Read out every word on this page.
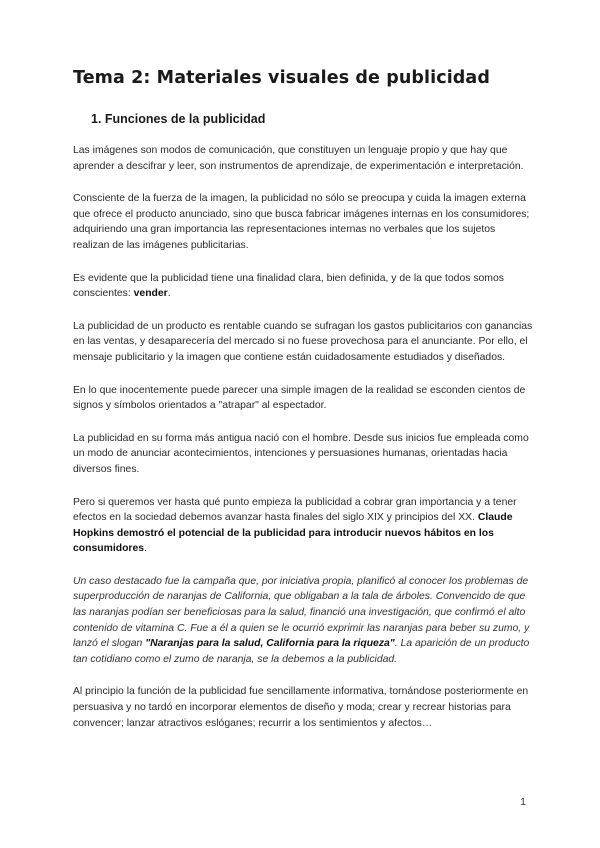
Tema 2: Materiales visuales de publicidad
1. Funciones de la publicidad

Las imágenes son modos de comunicación, que constituyen un lenguaje propio y que hay que aprender a descifrar y leer, son instrumentos de aprendizaje, de experimentación e interpretación.

Consciente de la fuerza de la imagen, la publicidad no sólo se preocupa y cuida la imagen externa que ofrece el producto anunciado, sino que busca fabricar imágenes internas en los consumidores; adquiriendo una gran importancia las representaciones internas no verbales que los sujetos realizan de las imágenes publicitarias.

Es evidente que la publicidad tiene una finalidad clara, bien definida, y de la que todos somos conscientes: vender.

La publicidad de un producto es rentable cuando se sufragan los gastos publicitarios con ganancias en las ventas, y desaparecería del mercado si no fuese provechosa para el anunciante. Por ello, el mensaje publicitario y la imagen que contiene están cuidadosamente estudiados y diseñados.

En lo que inocentemente puede parecer una simple imagen de la realidad se esconden cientos de signos y símbolos orientados a "atrapar" al espectador.

La publicidad en su forma más antigua nació con el hombre. Desde sus inicios fue empleada como un modo de anunciar acontecimientos, intenciones y persuasiones humanas, orientadas hacia diversos fines.

Pero si queremos ver hasta qué punto empieza la publicidad a cobrar gran importancia y a tener efectos en la sociedad debemos avanzar hasta finales del siglo XIX y principios del XX. Claude Hopkins demostró el potencial de la publicidad para introducir nuevos hábitos en los consumidores.

Un caso destacado fue la campaña que, por iniciativa propia, planificó al conocer los problemas de superproducción de naranjas de California, que obligaban a la tala de árboles. Convencido de que las naranjas podían ser beneficiosas para la salud, financió una investigación, que confirmó el alto contenido de vitamina C. Fue a él a quien se le ocurrió exprimir las naranjas para beber su zumo, y lanzó el slogan "Naranjas para la salud, California para la riqueza". La aparición de un producto tan cotidiano como el zumo de naranja, se la debemos a la publicidad.

Al principio la función de la publicidad fue sencillamente informativa, tornándose posteriormente en persuasiva y no tardó en incorporar elementos de diseño y moda; crear y recrear historias para convencer; lanzar atractivos eslóganes; recurrir a los sentimientos y afectos…

1
